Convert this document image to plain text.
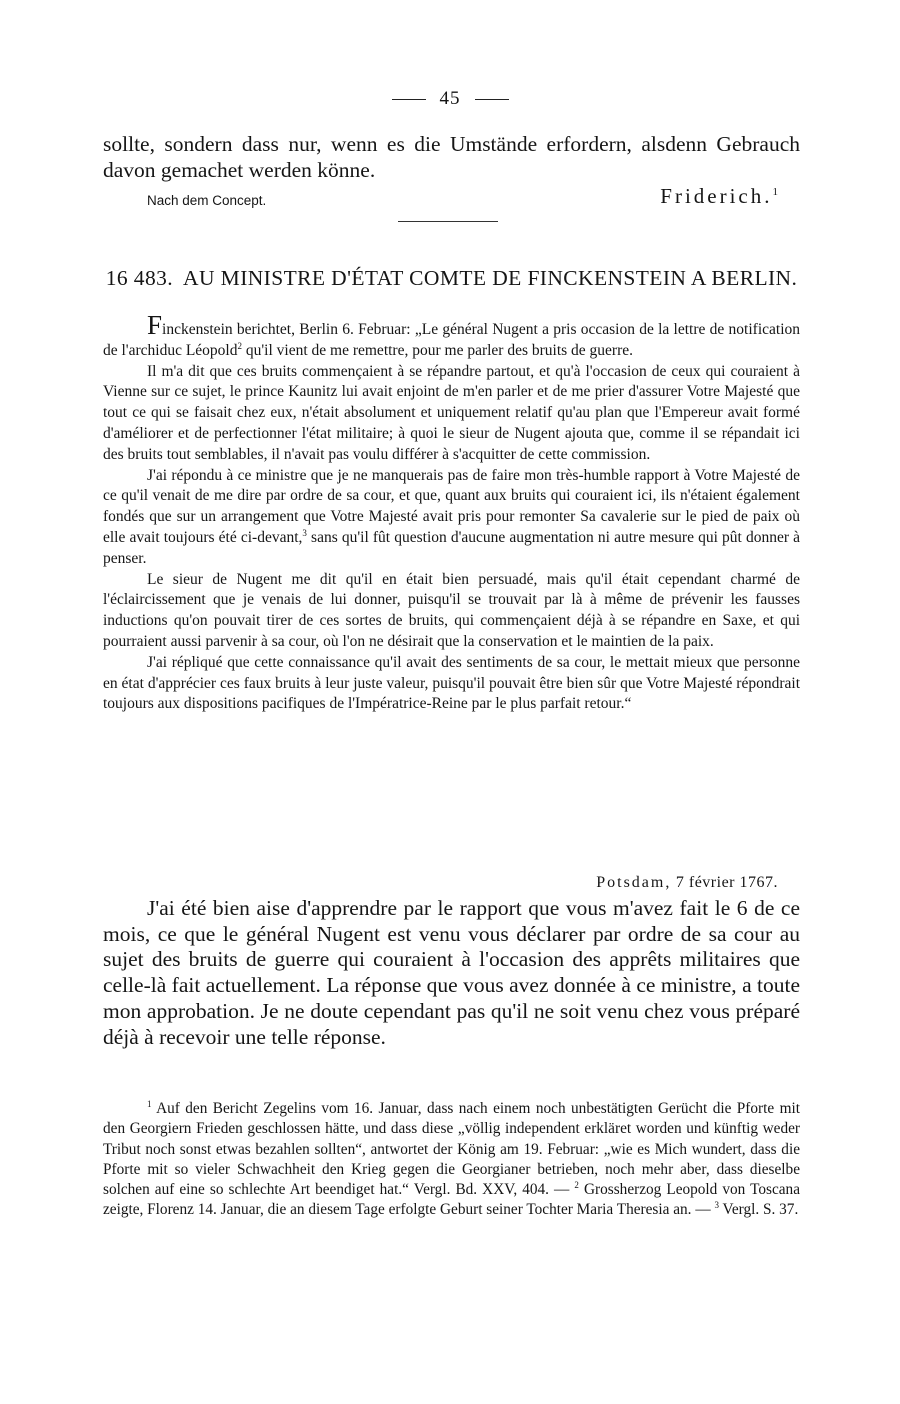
45
sollte, sondern dass nur, wenn es die Umstände erfordern, alsdenn Gebrauch davon gemachet werden könne.
Nach dem Concept.	Friderich.$^1$
16 483. AU MINISTRE D'ÉTAT COMTE DE FINCKENSTEIN A BERLIN.

Finckenstein berichtet, Berlin 6. Februar: „Le général Nugent a pris occasion de la lettre de notification de l'archiduc Léopold$^2$ qu'il vient de me remettre, pour me parler des bruits de guerre.

Il m'a dit que ces bruits commençaient à se répandre partout, et qu'à l'occasion de ceux qui couraient à Vienne sur ce sujet, le prince Kaunitz lui avait enjoint de m'en parler et de me prier d'assurer Votre Majesté que tout ce qui se faisait chez eux, n'était absolument et uniquement relatif qu'au plan que l'Empereur avait formé d'améliorer et de perfectionner l'état militaire; à quoi le sieur de Nugent ajouta que, comme il se répandait ici des bruits tout semblables, il n'avait pas voulu différer à s'acquitter de cette commission.

J'ai répondu à ce ministre que je ne manquerais pas de faire mon très-humble rapport à Votre Majesté de ce qu'il venait de me dire par ordre de sa cour, et que, quant aux bruits qui couraient ici, ils n'étaient également fondés que sur un arrangement que Votre Majesté avait pris pour remonter Sa cavalerie sur le pied de paix où elle avait toujours été ci-devant,$^3$ sans qu'il fût question d'aucune augmentation ni autre mesure qui pût donner à penser.

Le sieur de Nugent me dit qu'il en était bien persuadé, mais qu'il était cependant charmé de l'éclaircissement que je venais de lui donner, puisqu'il se trouvait par là à même de prévenir les fausses inductions qu'on pouvait tirer de ces sortes de bruits, qui commençaient déjà à se répandre en Saxe, et qui pourraient aussi parvenir à sa cour, où l'on ne désirait que la conservation et le maintien de la paix.

J'ai répliqué que cette connaissance qu'il avait des sentiments de sa cour, le mettait mieux que personne en état d'apprécier ces faux bruits à leur juste valeur, puisqu'il pouvait être bien sûr que Votre Majesté répondrait toujours aux dispositions pacifiques de l'Impératrice-Reine par le plus parfait retour.“

Potsdam, 7 février 1767.

J'ai été bien aise d'apprendre par le rapport que vous m'avez fait le 6 de ce mois, ce que le général Nugent est venu vous déclarer par ordre de sa cour au sujet des bruits de guerre qui couraient à l'occasion des apprêts militaires que celle-là fait actuellement. La réponse que vous avez donnée à ce ministre, a toute mon approbation. Je ne doute cependant pas qu'il ne soit venu chez vous préparé déjà à recevoir une telle réponse.

$^1$ Auf den Bericht Zegelins vom 16. Januar, dass nach einem noch unbestätigten Gerücht die Pforte mit den Georgiern Frieden geschlossen hätte, und dass diese „völlig independent erkläret worden und künftig weder Tribut noch sonst etwas bezahlen sollten“, antwortet der König am 19. Februar: „wie es Mich wundert, dass die Pforte mit so vieler Schwachheit den Krieg gegen die Georgianer betrieben, noch mehr aber, dass dieselbe solchen auf eine so schlechte Art beendiget hat.“ Vergl. Bd. XXV, 404. — $^2$ Grossherzog Leopold von Toscana zeigte, Florenz 14. Januar, die an diesem Tage erfolgte Geburt seiner Tochter Maria Theresia an. — $^3$ Vergl. S. 37.
